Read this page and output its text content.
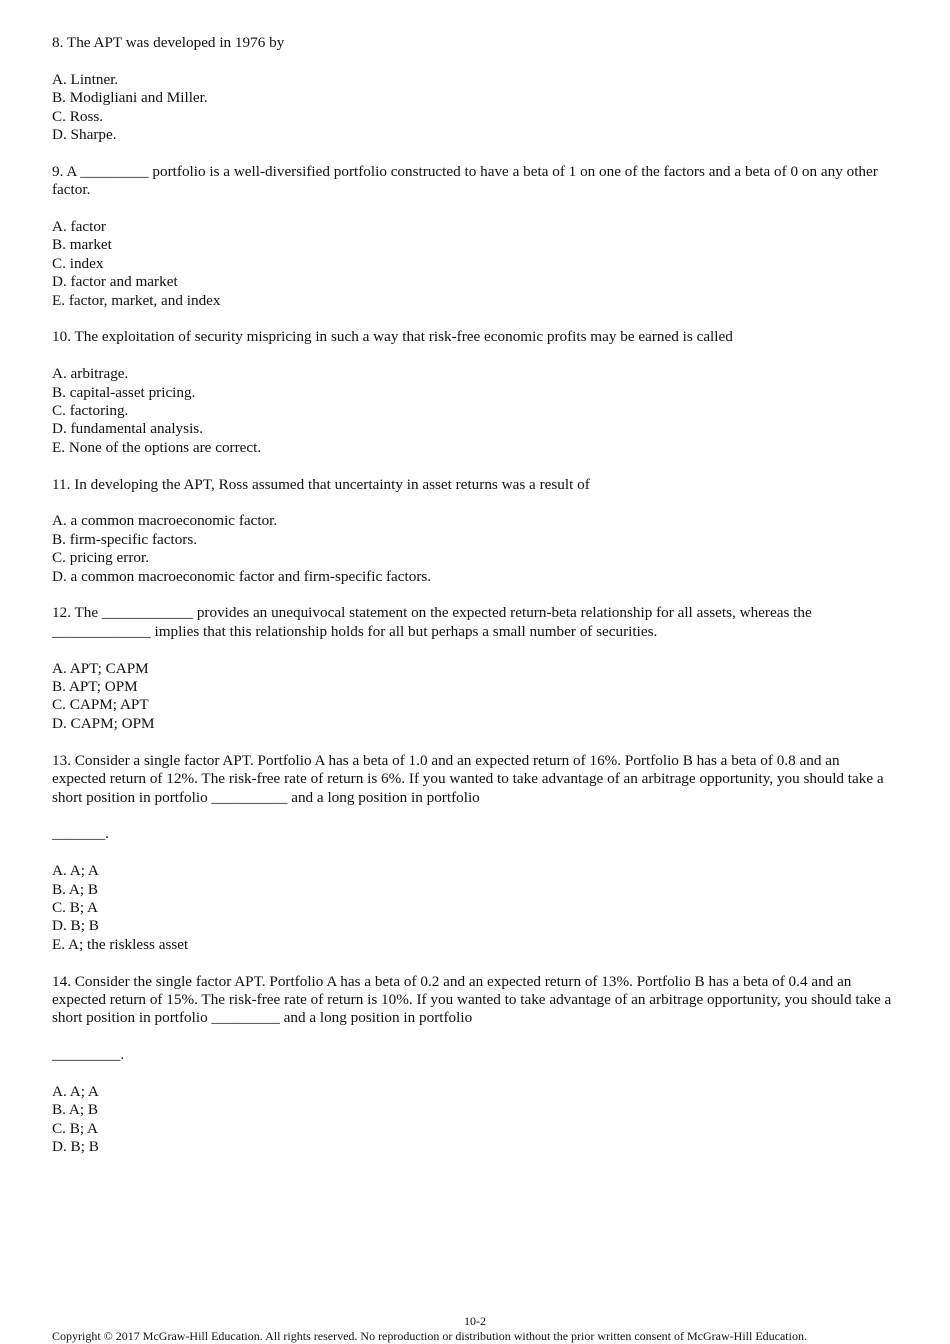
8. The APT was developed in 1976 by
A. Lintner.
B. Modigliani and Miller.
C. Ross.
D. Sharpe.
9. A _________ portfolio is a well-diversified portfolio constructed to have a beta of 1 on one of the factors and a beta of 0 on any other factor.
A. factor
B. market
C. index
D. factor and market
E. factor, market, and index
10. The exploitation of security mispricing in such a way that risk-free economic profits may be earned is called
A. arbitrage.
B. capital-asset pricing.
C. factoring.
D. fundamental analysis.
E. None of the options are correct.
11. In developing the APT, Ross assumed that uncertainty in asset returns was a result of
A. a common macroeconomic factor.
B. firm-specific factors.
C. pricing error.
D. a common macroeconomic factor and firm-specific factors.
12. The ____________ provides an unequivocal statement on the expected return-beta relationship for all assets, whereas the _____________ implies that this relationship holds for all but perhaps a small number of securities.
A. APT; CAPM
B. APT; OPM
C. CAPM; APT
D. CAPM; OPM
13. Consider a single factor APT. Portfolio A has a beta of 1.0 and an expected return of 16%. Portfolio B has a beta of 0.8 and an expected return of 12%. The risk-free rate of return is 6%. If you wanted to take advantage of an arbitrage opportunity, you should take a short position in portfolio __________ and a long position in portfolio
_______.
A. A; A
B. A; B
C. B; A
D. B; B
E. A; the riskless asset
14. Consider the single factor APT. Portfolio A has a beta of 0.2 and an expected return of 13%. Portfolio B has a beta of 0.4 and an expected return of 15%. The risk-free rate of return is 10%. If you wanted to take advantage of an arbitrage opportunity, you should take a short position in portfolio _________ and a long position in portfolio
_________.
A. A; A
B. A; B
C. B; A
D. B; B
10-2
Copyright © 2017 McGraw-Hill Education. All rights reserved. No reproduction or distribution without the prior written consent of McGraw-Hill Education.
